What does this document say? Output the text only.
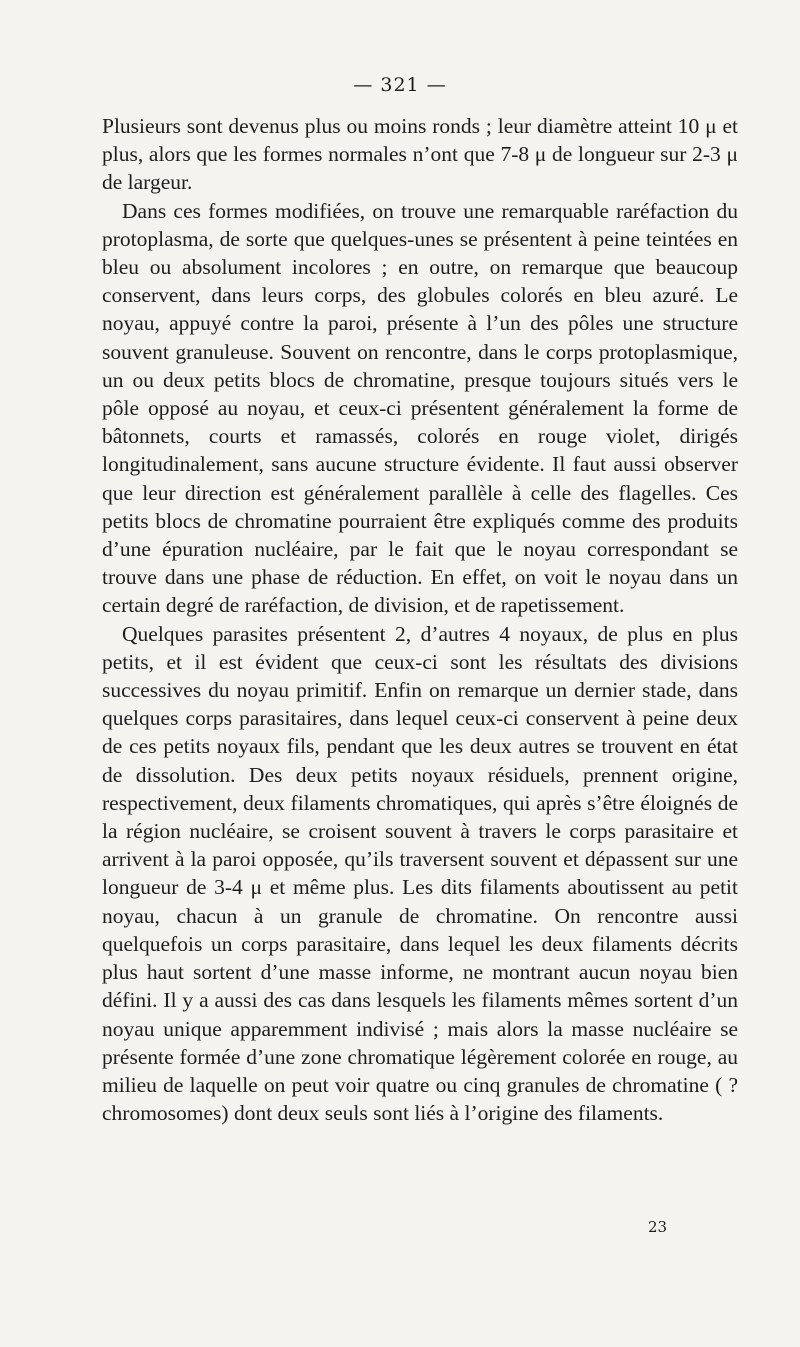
— 321 —

Plusieurs sont devenus plus ou moins ronds ; leur diamètre atteint 10 μ et plus, alors que les formes normales n’ont que 7-8 μ de longueur sur 2-3 μ de largeur.

Dans ces formes modifiées, on trouve une remarquable raréfaction du protoplasma, de sorte que quelques-unes se présentent à peine teintées en bleu ou absolument incolores ; en outre, on remarque que beaucoup conservent, dans leurs corps, des globules colorés en bleu azuré. Le noyau, appuyé contre la paroi, présente à l’un des pôles une structure souvent granuleuse. Souvent on rencontre, dans le corps protoplasmique, un ou deux petits blocs de chromatine, presque toujours situés vers le pôle opposé au noyau, et ceux-ci présentent généralement la forme de bâtonnets, courts et ramassés, colorés en rouge violet, dirigés longitudinalement, sans aucune structure évidente. Il faut aussi observer que leur direction est généralement parallèle à celle des flagelles. Ces petits blocs de chromatine pourraient être expliqués comme des produits d’une épuration nucléaire, par le fait que le noyau correspondant se trouve dans une phase de réduction. En effet, on voit le noyau dans un certain degré de raréfaction, de division, et de rapetissement.

Quelques parasites présentent 2, d’autres 4 noyaux, de plus en plus petits, et il est évident que ceux-ci sont les résultats des divisions successives du noyau primitif. Enfin on remarque un dernier stade, dans quelques corps parasitaires, dans lequel ceux-ci conservent à peine deux de ces petits noyaux fils, pendant que les deux autres se trouvent en état de dissolution. Des deux petits noyaux résiduels, prennent origine, respectivement, deux filaments chromatiques, qui après s’être éloignés de la région nucléaire, se croisent souvent à travers le corps parasitaire et arrivent à la paroi opposée, qu’ils traversent souvent et dépassent sur une longueur de 3-4 μ et même plus. Les dits filaments aboutissent au petit noyau, chacun à un granule de chromatine. On rencontre aussi quelquefois un corps parasitaire, dans lequel les deux filaments décrits plus haut sortent d’une masse informe, ne montrant aucun noyau bien défini. Il y a aussi des cas dans lesquels les filaments mêmes sortent d’un noyau unique apparemment indivisé ; mais alors la masse nucléaire se présente formée d’une zone chromatique légèrement colorée en rouge, au milieu de laquelle on peut voir quatre ou cinq granules de chromatine ( ? chromosomes) dont deux seuls sont liés à l’origine des filaments.

23
